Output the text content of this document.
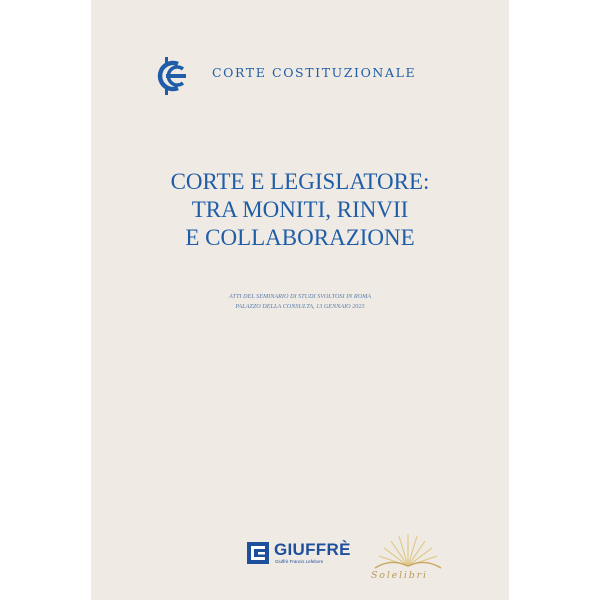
CORTE COSTITUZIONALE
CORTE E LEGISLATORE:
TRA MONITI, RINVII
E COLLABORAZIONE
ATTI DEL SEMINARIO DI STUDI SVOLTOSI IN ROMA
PALAZZO DELLA CONSULTA, 13 GENNAIO 2023
GIUFFRÈ
Giuffrè Francis Lefebvre
Solelibri
